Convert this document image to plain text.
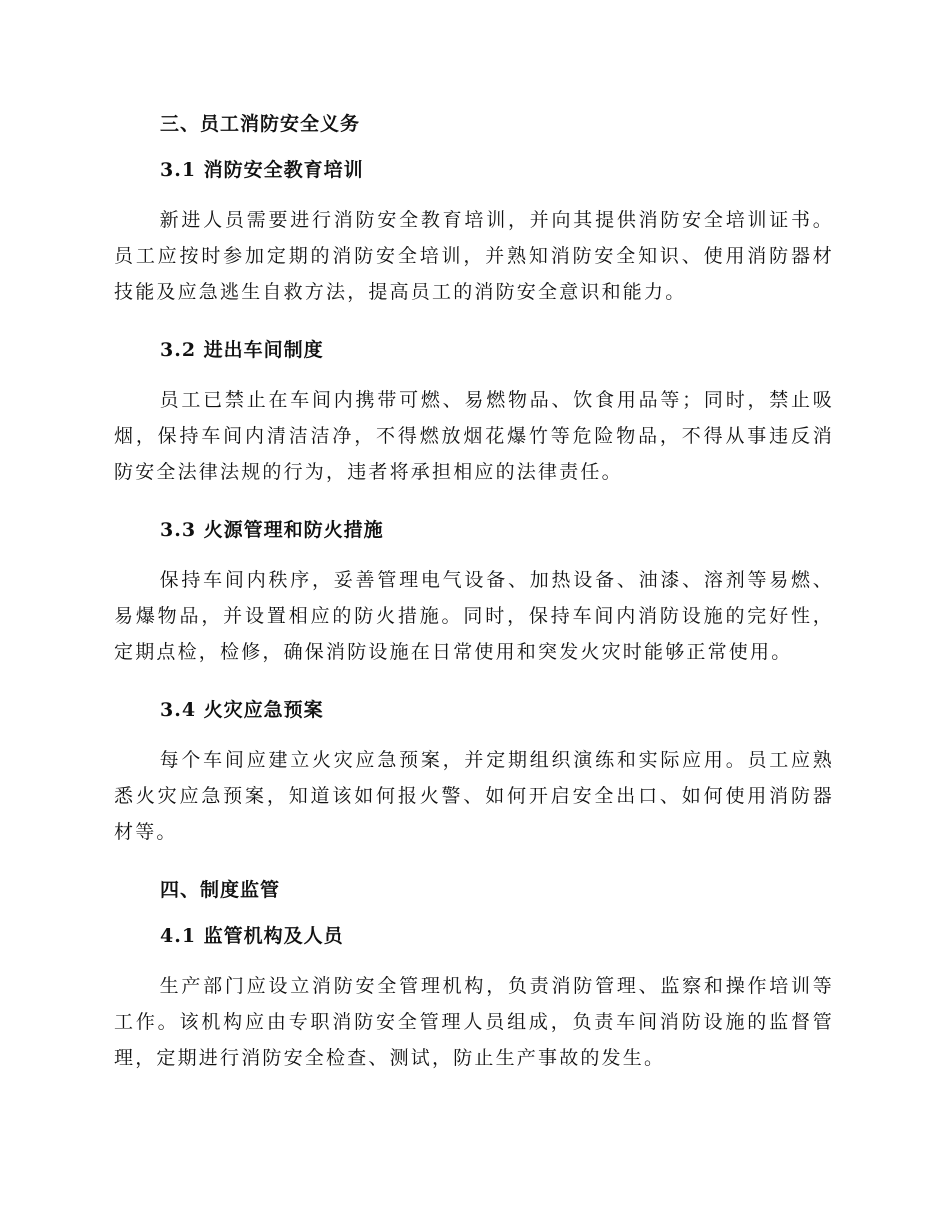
三、员工消防安全义务
3.1 消防安全教育培训
新进人员需要进行消防安全教育培训，并向其提供消防安全培训证书。员工应按时参加定期的消防安全培训，并熟知消防安全知识、使用消防器材技能及应急逃生自救方法，提高员工的消防安全意识和能力。
3.2 进出车间制度
员工已禁止在车间内携带可燃、易燃物品、饮食用品等；同时，禁止吸烟，保持车间内清洁洁净，不得燃放烟花爆竹等危险物品，不得从事违反消防安全法律法规的行为，违者将承担相应的法律责任。
3.3 火源管理和防火措施
保持车间内秩序，妥善管理电气设备、加热设备、油漆、溶剂等易燃、易爆物品，并设置相应的防火措施。同时，保持车间内消防设施的完好性，定期点检，检修，确保消防设施在日常使用和突发火灾时能够正常使用。
3.4 火灾应急预案
每个车间应建立火灾应急预案，并定期组织演练和实际应用。员工应熟悉火灾应急预案，知道该如何报火警、如何开启安全出口、如何使用消防器材等。
四、制度监管
4.1 监管机构及人员
生产部门应设立消防安全管理机构，负责消防管理、监察和操作培训等工作。该机构应由专职消防安全管理人员组成，负责车间消防设施的监督管理，定期进行消防安全检查、测试，防止生产事故的发生。
